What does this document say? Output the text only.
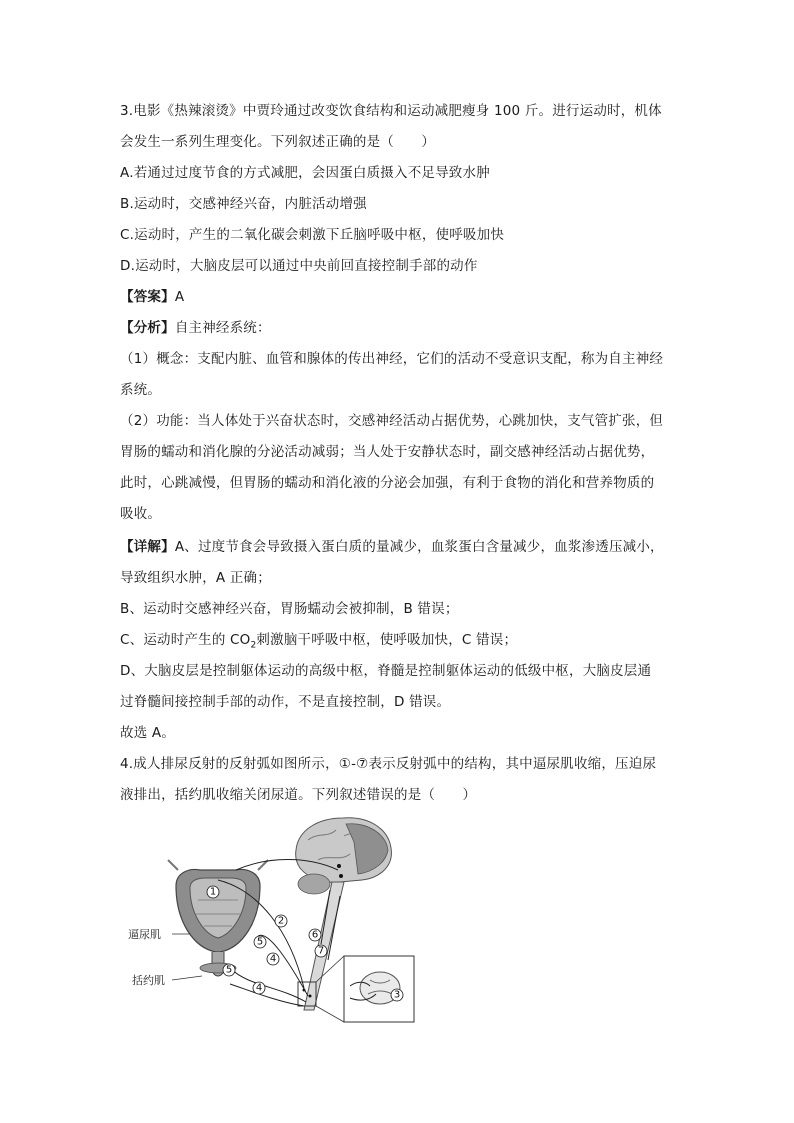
3.电影《热辣滚烫》中贾玲通过改变饮食结构和运动减肥瘦身 100 斤。进行运动时，机体
会发生一系列生理变化。下列叙述正确的是（　　）
A.若通过过度节食的方式减肥，会因蛋白质摄入不足导致水肿
B.运动时，交感神经兴奋，内脏活动增强
C.运动时，产生的二氧化碳会刺激下丘脑呼吸中枢，使呼吸加快
D.运动时，大脑皮层可以通过中央前回直接控制手部的动作
【答案】A
【分析】自主神经系统：
（1）概念：支配内脏、血管和腺体的传出神经，它们的活动不受意识支配，称为自主神经
系统。
（2）功能：当人体处于兴奋状态时，交感神经活动占据优势，心跳加快，支气管扩张，但
胃肠的蠕动和消化腺的分泌活动减弱；当人处于安静状态时，副交感神经活动占据优势，
此时，心跳减慢，但胃肠的蠕动和消化液的分泌会加强，有利于食物的消化和营养物质的
吸收。
【详解】A、过度节食会导致摄入蛋白质的量减少，血浆蛋白含量减少，血浆渗透压减小，
导致组织水肿，A 正确；
B、运动时交感神经兴奋，胃肠蠕动会被抑制，B 错误；
C、运动时产生的 $CO_2$刺激脑干呼吸中枢，使呼吸加快，C 错误；
D、大脑皮层是控制躯体运动的高级中枢，脊髓是控制躯体运动的低级中枢，大脑皮层通
过脊髓间接控制手部的动作，不是直接控制，D 错误。
故选 A。
4.成人排尿反射的反射弧如图所示，①-⑦表示反射弧中的结构，其中逼尿肌收缩，压迫尿
液排出，括约肌收缩关闭尿道。下列叙述错误的是（　　）
逼尿肌
括约肌
1
2
3
4
4
5
5
6
7
